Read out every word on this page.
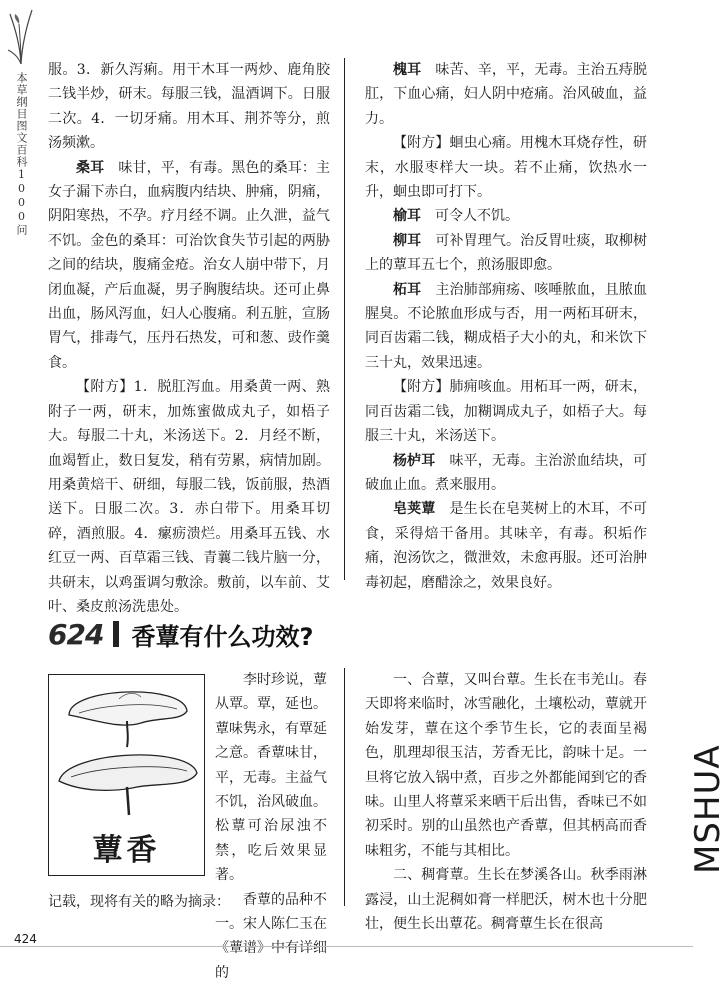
本草纲目图文百科1000问

服。3．新久泻痢。用干木耳一两炒、鹿角胶二钱半炒，研末。每服三钱，温酒调下。日服二次。4．一切牙痛。用木耳、荆芥等分，煎汤频漱。

桑耳　 味甘，平，有毒。黑色的桑耳：主女子漏下赤白，血病腹内结块、肿痛，阴痛，阴阳寒热，不孕。疗月经不调。止久泄，益气不饥。金色的桑耳：可治饮食失节引起的两胁之间的结块，腹痛金疮。治女人崩中带下，月闭血凝，产后血凝，男子胸腹结块。还可止鼻出血，肠风泻血，妇人心腹痛。利五脏，宣肠胃气，排毒气，压丹石热发，可和葱、豉作羹食。

【附方】1．脱肛泻血。用桑黄一两、熟附子一两，研末，加炼蜜做成丸子，如梧子大。每服二十丸，米汤送下。2．月经不断，血竭暂止，数日复发，稍有劳累，病情加剧。用桑黄焙干、研细，每服二钱，饭前服，热酒送下。日服二次。3．赤白带下。用桑耳切碎，酒煎服。4．瘰疬溃烂。用桑耳五钱、水红豆一两、百草霜三钱、青蘘二钱片脑一分，共研末，以鸡蛋调匀敷涂。敷前，以车前、艾叶、桑皮煎汤洗患处。

槐耳　 味苦、辛，平，无毒。主治五痔脱肛，下血心痛，妇人阴中疮痛。治风破血，益力。

【附方】蛔虫心痛。用槐木耳烧存性，研末，水服枣样大一块。若不止痛，饮热水一升，蛔虫即可打下。

榆耳　 可令人不饥。

柳耳　 可补胃理气。治反胃吐痰，取柳树上的蕈耳五七个，煎汤服即愈。

柘耳　 主治肺部痈疡、咳唾脓血，且脓血腥臭。不论脓血形成与否，用一两柘耳研末，同百齿霜二钱，糊成梧子大小的丸，和米饮下三十丸，效果迅速。

【附方】肺痈咳血。用柘耳一两，研末，同百齿霜二钱，加糊调成丸子，如梧子大。每服三十丸，米汤送下。

杨栌耳　 味平，无毒。主治淤血结块，可破血止血。煮来服用。

皂荚蕈　 是生长在皂荚树上的木耳，不可食，采得焙干备用。其味辛，有毒。积垢作痛，泡汤饮之，微泄效，未愈再服。还可治肿毒初起，磨醋涂之，效果良好。

624 香蕈有什么功效?
蕈香

李时珍说，蕈从覃。覃，延也。蕈味隽永，有覃延之意。香蕈味甘，平，无毒。主益气不饥，治风破血。松蕈可治尿浊不禁，吃后效果显著。

香蕈的品种不一。宋人陈仁玉在《蕈谱》中有详细的

记载，现将有关的略为摘录：

一、合蕈，又叫台蕈。生长在韦羌山。春天即将来临时，冰雪融化，土壤松动，蕈就开始发芽，蕈在这个季节生长，它的表面呈褐色，肌理却很玉洁，芳香无比，韵味十足。一旦将它放入锅中煮，百步之外都能闻到它的香味。山里人将蕈采来晒干后出售，香味已不如初采时。别的山虽然也产香蕈，但其柄高而香味粗劣，不能与其相比。

二、稠膏蕈。生长在梦溪各山。秋季雨淋露浸，山土泥稠如膏一样肥沃，树木也十分肥壮，便生长出蕈花。稠膏蕈生长在很高

424
MSHUA
